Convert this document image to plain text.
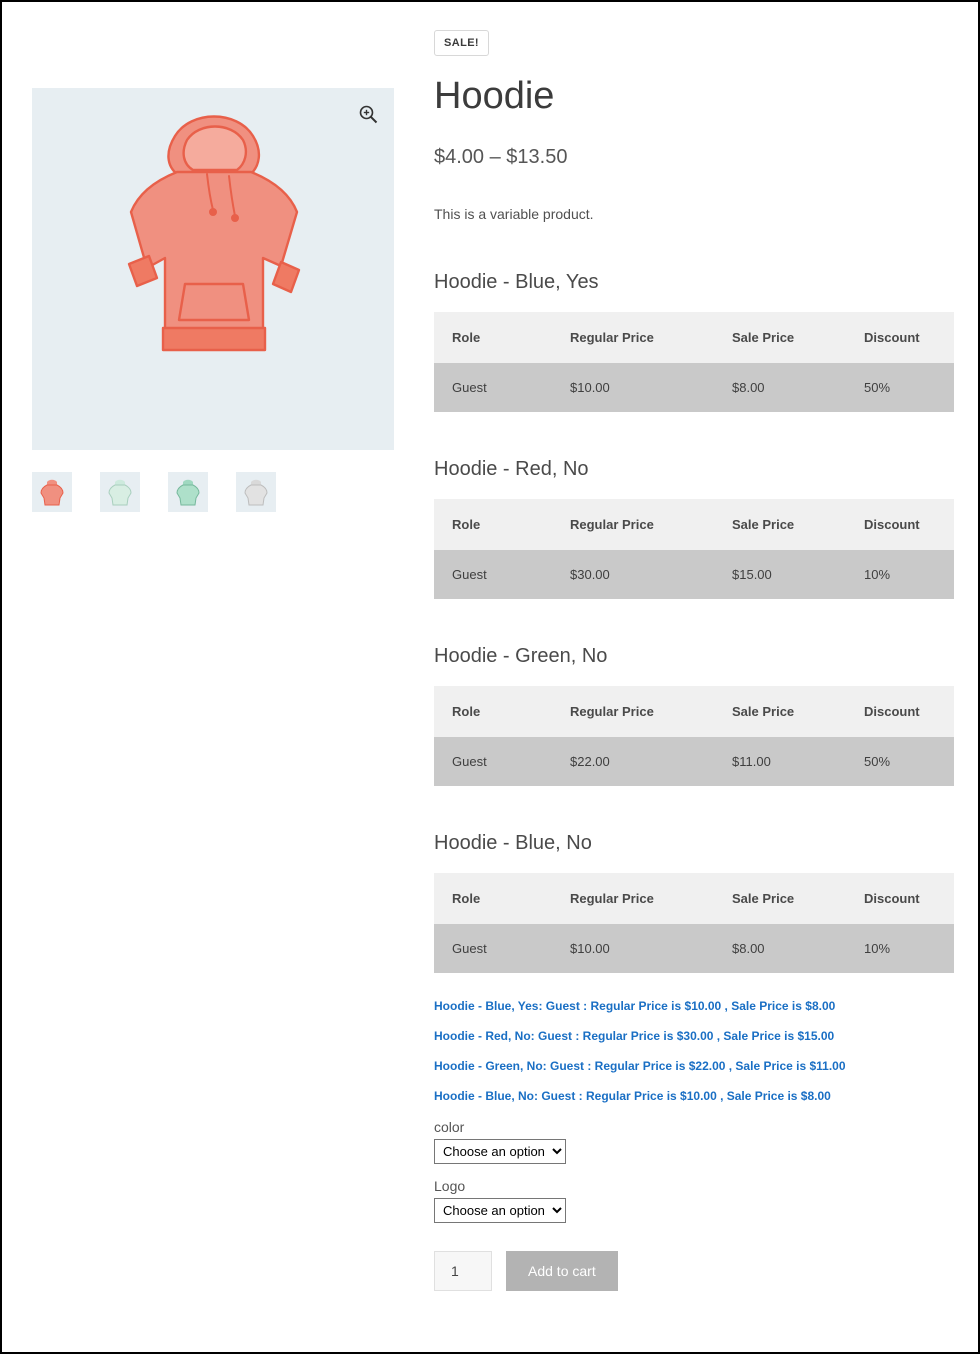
SALE!
Hoodie
$4.00 – $13.50
This is a variable product.
Hoodie - Blue, Yes
Role	Regular Price	Sale Price	Discount
Guest	$10.00	$8.00	50%
Hoodie - Red, No
Role	Regular Price	Sale Price	Discount
Guest	$30.00	$15.00	10%
Hoodie - Green, No
Role	Regular Price	Sale Price	Discount
Guest	$22.00	$11.00	50%
Hoodie - Blue, No
Role	Regular Price	Sale Price	Discount
Guest	$10.00	$8.00	10%
Hoodie - Blue, Yes: Guest : Regular Price is $10.00 , Sale Price is $8.00
Hoodie - Red, No: Guest : Regular Price is $30.00 , Sale Price is $15.00
Hoodie - Green, No: Guest : Regular Price is $22.00 , Sale Price is $11.00
Hoodie - Blue, No: Guest : Regular Price is $10.00 , Sale Price is $8.00
color
Choose an option
Logo
Choose an option
1
Add to cart
